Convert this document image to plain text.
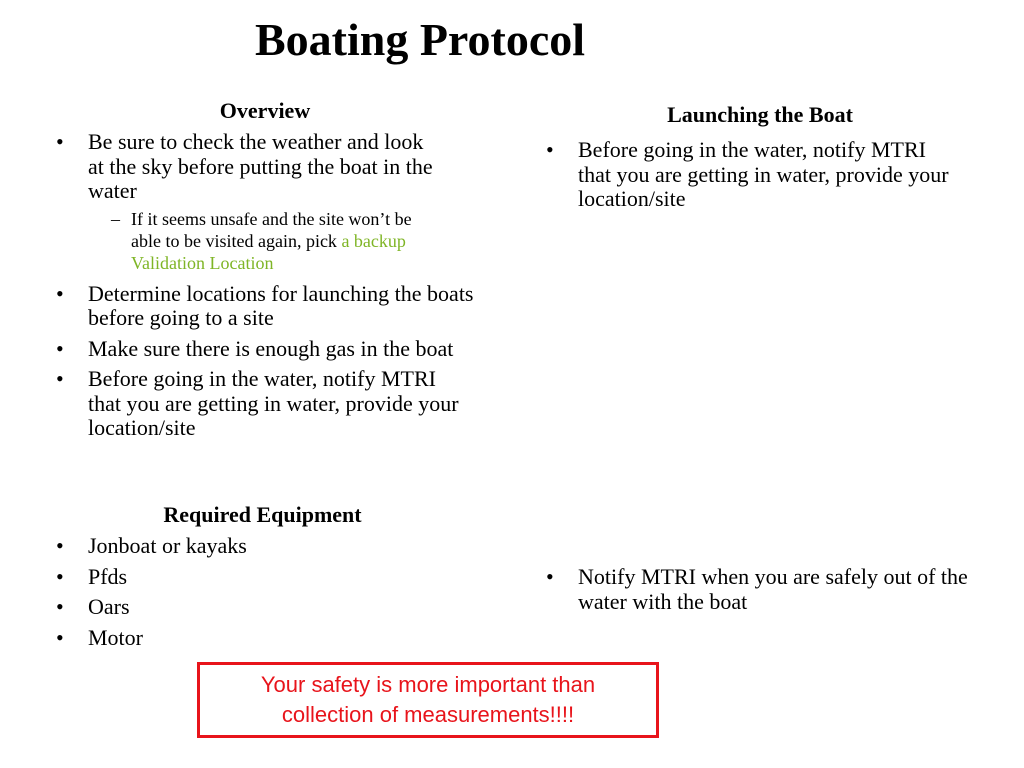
Boating Protocol
Overview
• Be sure to check the weather and look at the sky before putting the boat in the water
– If it seems unsafe and the site won’t be able to be visited again, pick a backup Validation Location
• Determine locations for launching the boats before going to a site
• Make sure there is enough gas in the boat
• Before going in the water, notify MTRI that you are getting in water, provide your location/site
Required Equipment
• Jonboat or kayaks
• Pfds
• Oars
• Motor
Launching the Boat
• Before going in the water, notify MTRI that you are getting in water, provide your location/site
• Notify MTRI when you are safely out of the water with the boat
Your safety is more important than collection of measurements!!!!
